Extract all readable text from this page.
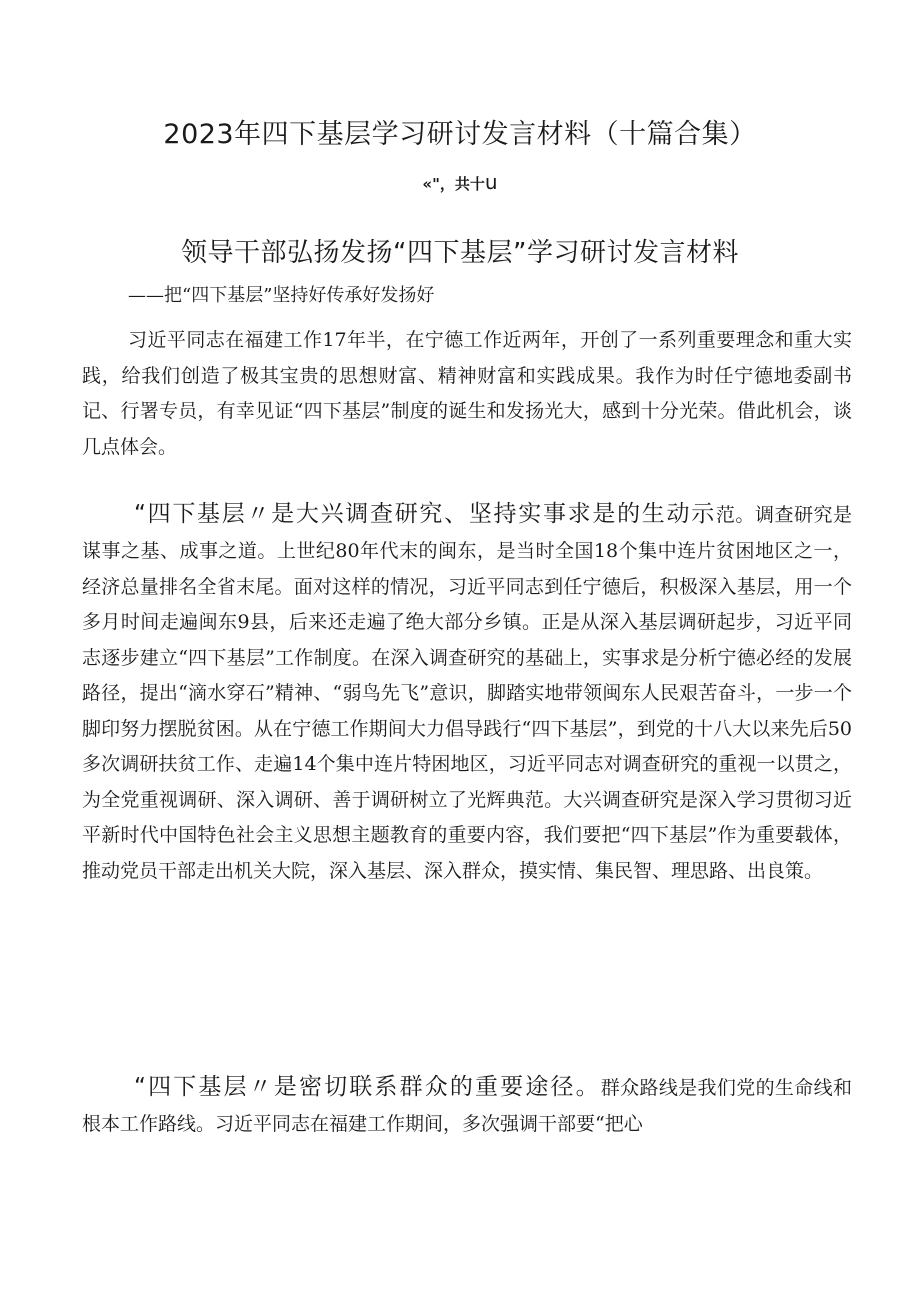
2023年四下基层学习研讨发言材料（十篇合集）
«"，共十u
领导干部弘扬发扬“四下基层”学习研讨发言材料
——把“四下基层”坚持好传承好发扬好

习近平同志在福建工作17年半，在宁德工作近两年，开创了一系列重要理念和重大实践，给我们创造了极其宝贵的思想财富、精神财富和实践成果。我作为时任宁德地委副书记、行署专员，有幸见证“四下基层”制度的诞生和发扬光大，感到十分光荣。借此机会，谈几点体会。

“四下基层〃是大兴调查研究、坚持实事求是的生动示范。调查研究是谋事之基、成事之道。上世纪80年代末的闽东，是当时全国18个集中连片贫困地区之一，经济总量排名全省末尾。面对这样的情况，习近平同志到任宁德后，积极深入基层，用一个多月时间走遍闽东9县，后来还走遍了绝大部分乡镇。正是从深入基层调研起步，习近平同志逐步建立“四下基层”工作制度。在深入调查研究的基础上，实事求是分析宁德必经的发展路径，提出“滴水穿石”精神、“弱鸟先飞”意识，脚踏实地带领闽东人民艰苦奋斗，一步一个脚印努力摆脱贫困。从在宁德工作期间大力倡导践行“四下基层”，到党的十八大以来先后50多次调研扶贫工作、走遍14个集中连片特困地区，习近平同志对调查研究的重视一以贯之，为全党重视调研、深入调研、善于调研树立了光辉典范。大兴调查研究是深入学习贯彻习近平新时代中国特色社会主义思想主题教育的重要内容，我们要把“四下基层”作为重要载体，推动党员干部走出机关大院，深入基层、深入群众，摸实情、集民智、理思路、出良策。

“四下基层〃是密切联系群众的重要途径。群众路线是我们党的生命线和根本工作路线。习近平同志在福建工作期间，多次强调干部要“把心
